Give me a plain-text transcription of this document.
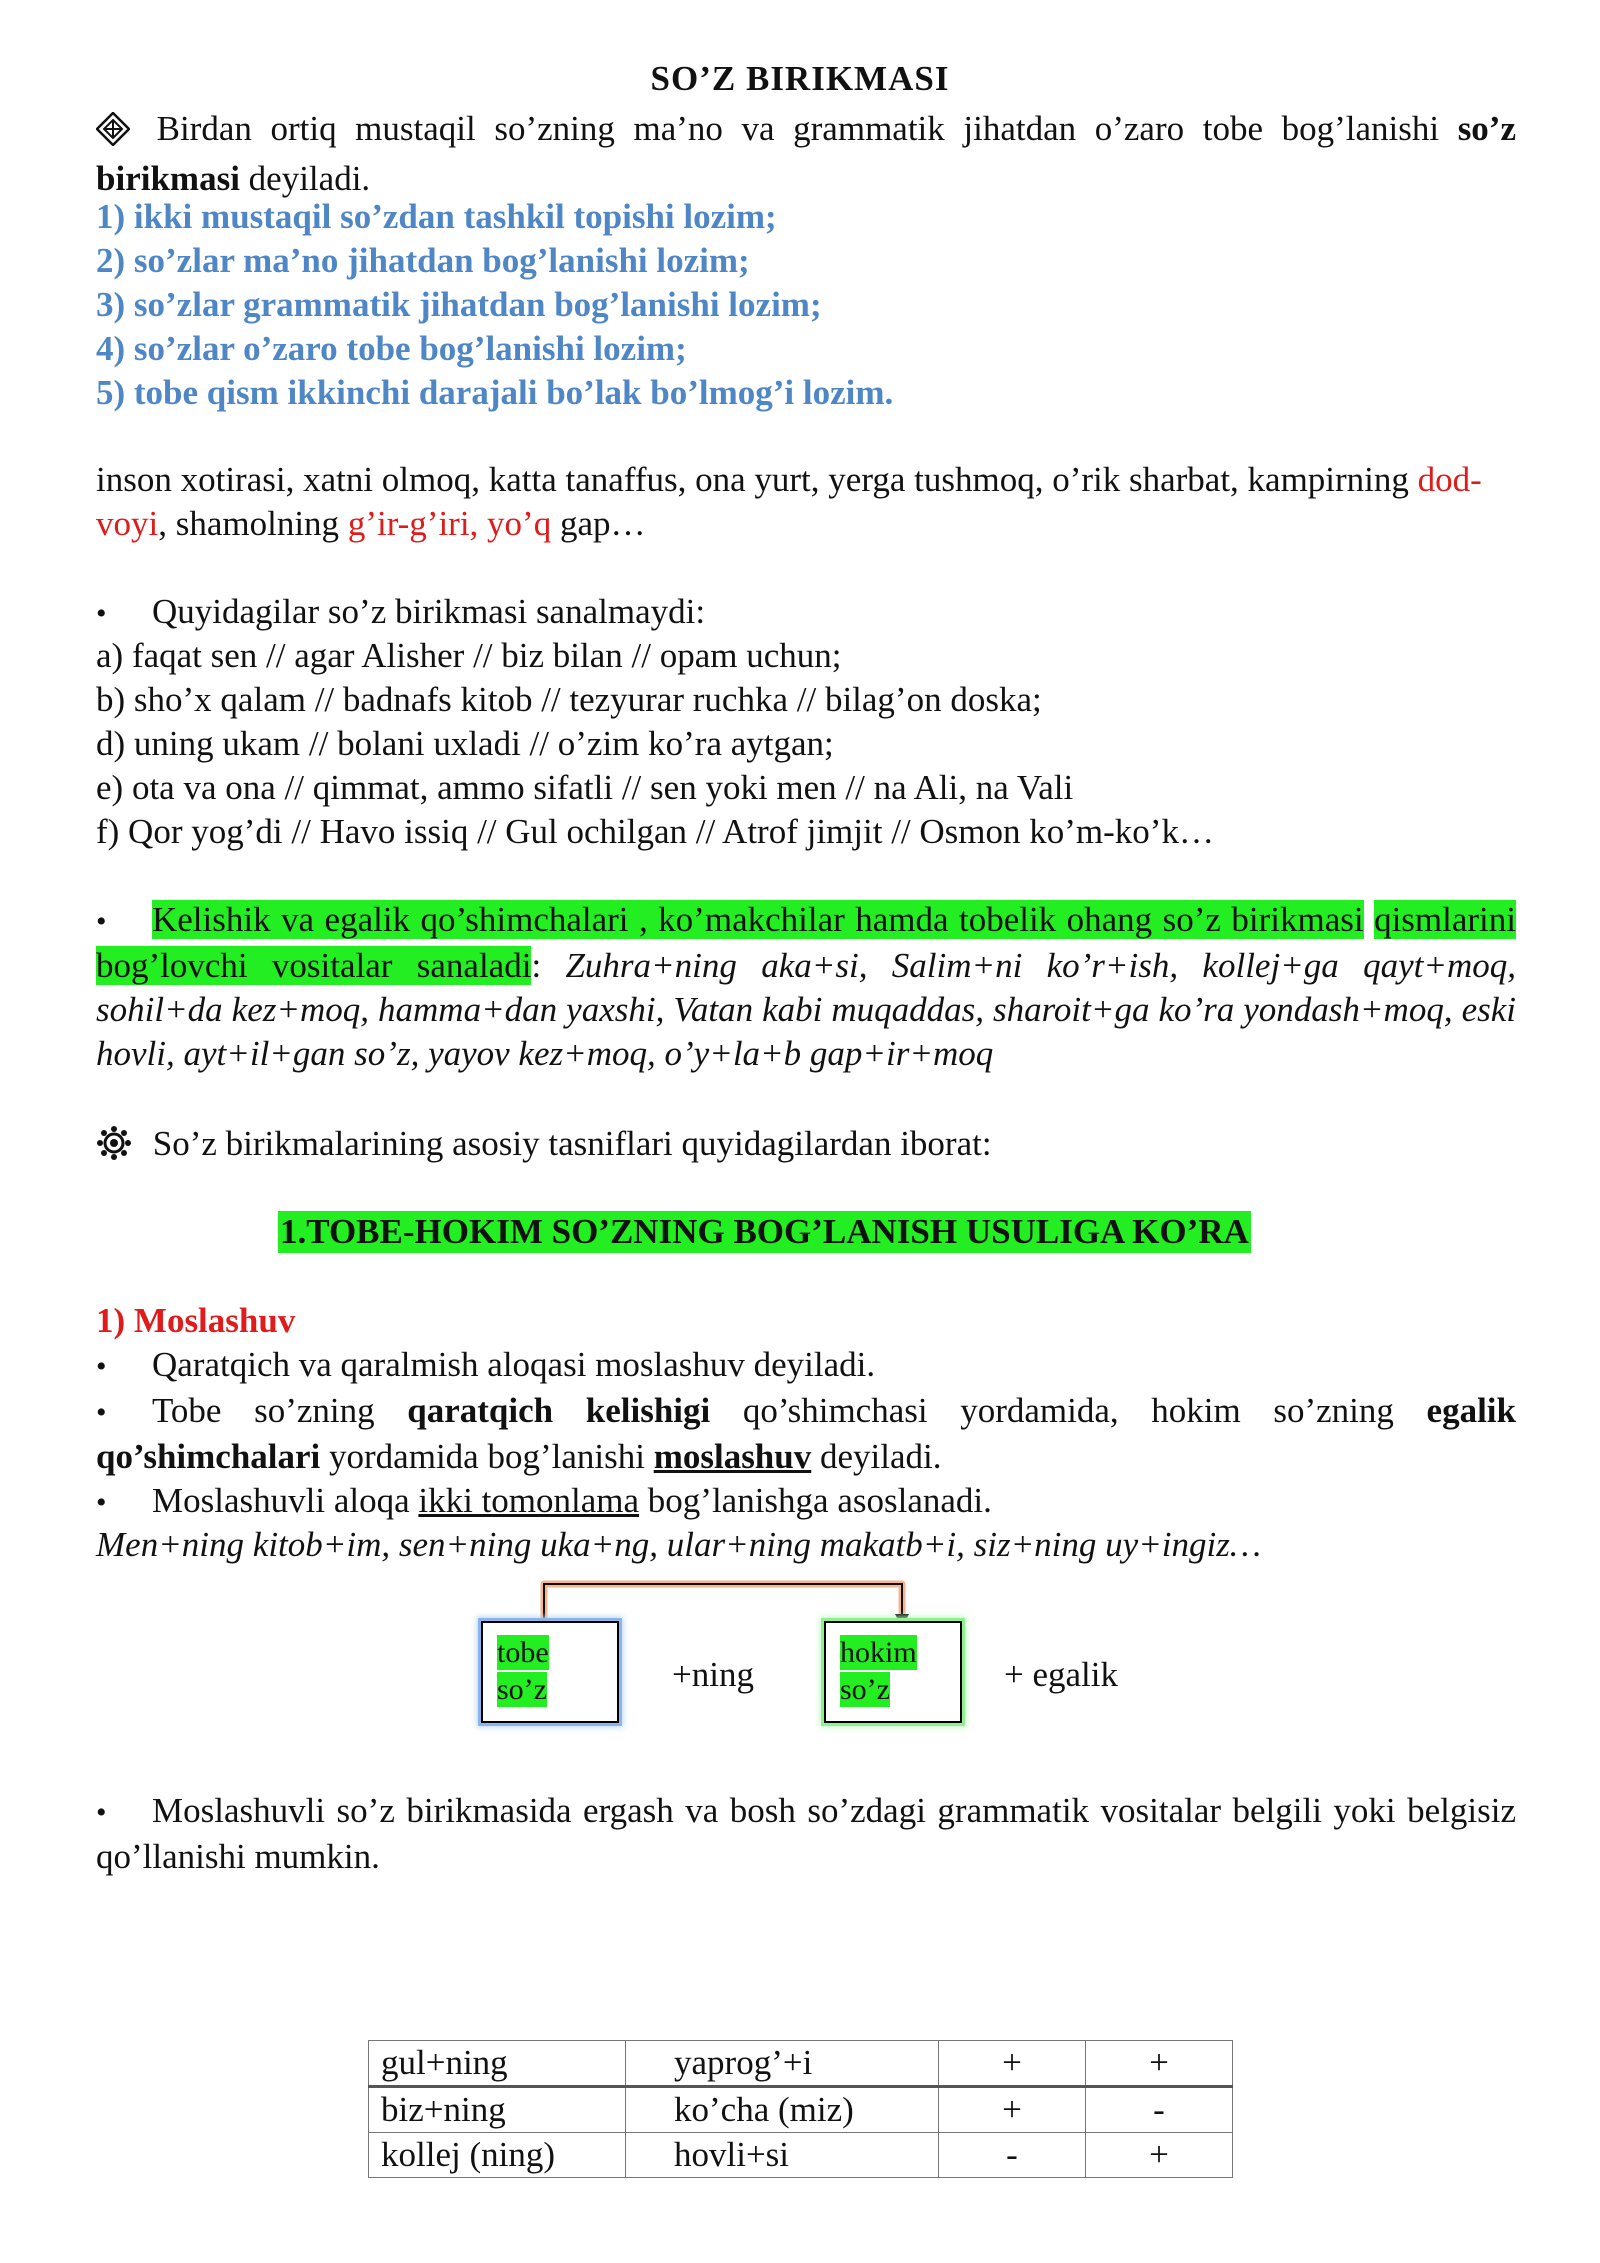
SO’Z BIRIKMASI

Birdan ortiq mustaqil so’zning ma’no va grammatik jihatdan o’zaro tobe bog’lanishi so’z birikmasi deyiladi.

1) ikki mustaqil so’zdan tashkil topishi lozim;

2) so’zlar ma’no jihatdan bog’lanishi lozim;

3) so’zlar grammatik jihatdan bog’lanishi lozim;

4) so’zlar o’zaro tobe bog’lanishi lozim;

5) tobe qism ikkinchi darajali bo’lak bo’lmog’i lozim.

inson xotirasi, xatni olmoq, katta tanaffus, ona yurt, yerga tushmoq, o’rik sharbat, kampirning dod-voyi, shamolning g’ir-g’iri, yo’q gap…

• Quyidagilar so’z birikmasi sanalmaydi:

a) faqat sen // agar Alisher // biz bilan // opam uchun;

b) sho’x qalam // badnafs kitob // tezyurar ruchka // bilag’on doska;

d) uning ukam // bolani uxladi // o’zim ko’ra aytgan;

e) ota va ona // qimmat, ammo sifatli // sen yoki men // na Ali, na Vali

f) Qor yog’di // Havo issiq // Gul ochilgan // Atrof jimjit // Osmon ko’m-ko’k…

• Kelishik va egalik qo’shimchalari , ko’makchilar hamda tobelik ohang so’z birikmasi qismlarini bog’lovchi vositalar sanaladi: Zuhra+ning aka+si, Salim+ni ko’r+ish, kollej+ga qayt+moq, sohil+da kez+moq, hamma+dan yaxshi, Vatan kabi muqaddas, sharoit+ga ko’ra yondash+moq, eski hovli, ayt+il+gan so’z, yayov kez+moq, o’y+la+b gap+ir+moq

So’z birikmalarining asosiy tasniflari quyidagilardan iborat:

1.TOBE-HOKIM SO’ZNING BOG’LANISH USULIGA KO’RA
1) Moslashuv

• Qaratqich va qaralmish aloqasi moslashuv deyiladi.

• Tobe so’zning qaratqich kelishigi qo’shimchasi yordamida, hokim so’zning egalik qo’shimchalari yordamida bog’lanishi moslashuv deyiladi.

• Moslashuvli aloqa ikki tomonlama bog’lanishga asoslanadi.

Men+ning kitob+im, sen+ning uka+ng, ular+ning makatb+i, siz+ning uy+ingiz…

tobe
so’z	+ning
hokim
so’z	+ egalik

• Moslashuvli so’z birikmasida ergash va bosh so’zdagi grammatik vositalar belgili yoki belgisiz qo’llanishi mumkin.

gul+ning	yaprog’+i	+	+
biz+ning	ko’cha (miz)	+	-
kollej (ning)	hovli+si	-	+
